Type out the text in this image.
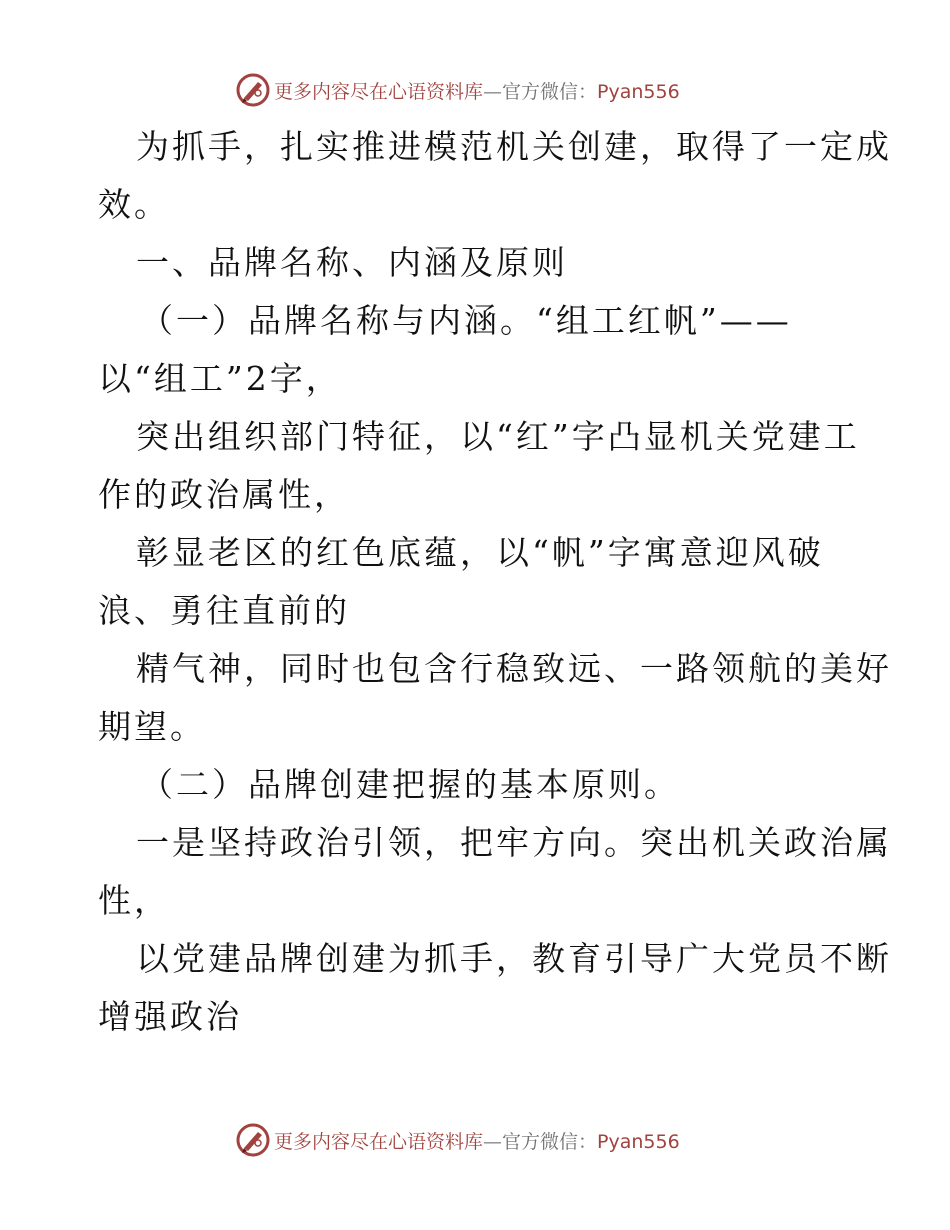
更多内容尽在心语资料库—官方微信：Pyan556
为抓手，扎实推进模范机关创建，取得了一定成
效。
一、品牌名称、内涵及原则
（一）品牌名称与内涵。“组工红帆”——
以“组工”2字，
突出组织部门特征，以“红”字凸显机关党建工
作的政治属性，
彰显老区的红色底蕴，以“帆”字寓意迎风破
浪、勇往直前的
精气神，同时也包含行稳致远、一路领航的美好
期望。
（二）品牌创建把握的基本原则。
一是坚持政治引领，把牢方向。突出机关政治属
性，
以党建品牌创建为抓手，教育引导广大党员不断
增强政治
更多内容尽在心语资料库—官方微信：Pyan556
